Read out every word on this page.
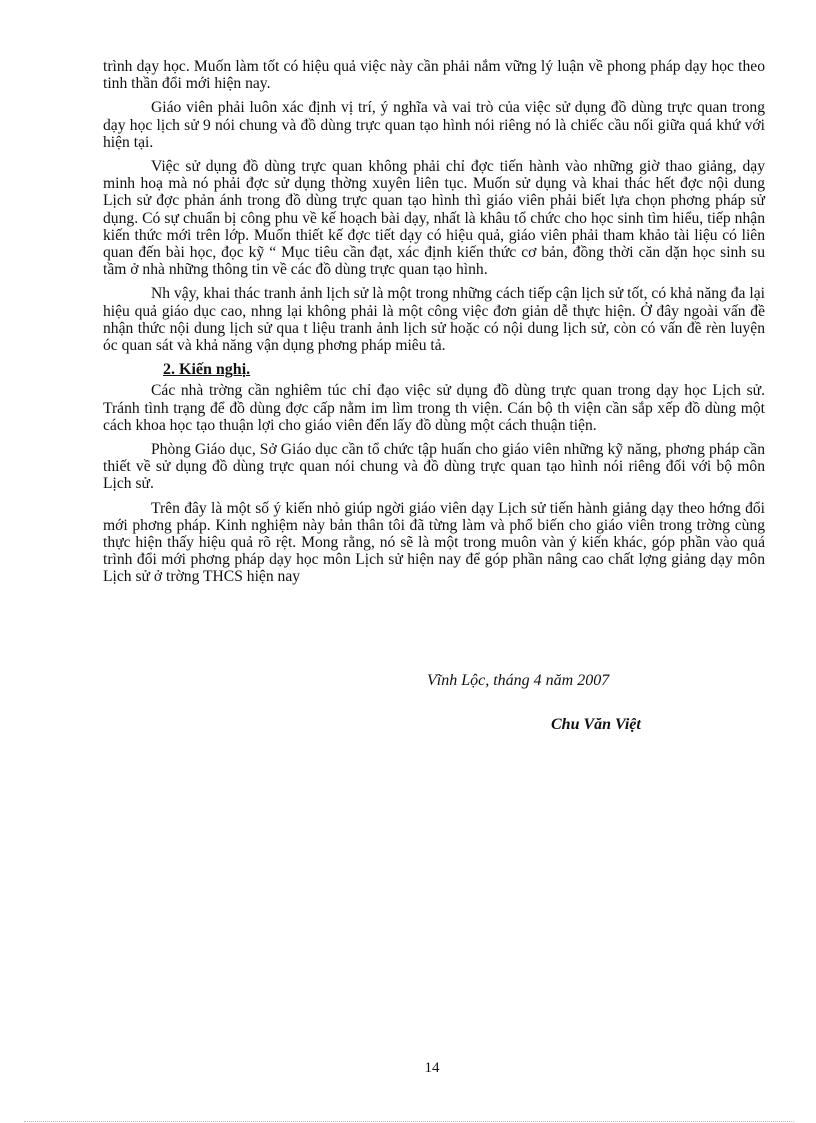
trình dạy học. Muốn làm tốt có hiệu quả việc này cần phải nắm vững lý luận về phong pháp dạy học theo tinh thần đổi mới hiện nay.

Giáo viên phải luôn xác định vị trí, ý nghĩa và vai trò của việc sử dụng đồ dùng trực quan trong dạy học lịch sử 9 nói chung và đồ dùng trực quan tạo hình nói riêng nó là chiếc cầu nối giữa quá khứ với hiện tại.

Việc sử dụng đồ dùng trực quan không phải chỉ đợc tiến hành vào những giờ thao giảng, dạy minh hoạ mà nó phải đợc sử dụng thờng xuyên liên tục. Muốn sử dụng và khai thác hết đợc nội dung Lịch sử đợc phản ánh trong đồ dùng trực quan tạo hình thì giáo viên phải biết lựa chọn phơng pháp sử dụng. Có sự chuẩn bị công phu về kế hoạch bài dạy, nhất là khâu tổ chức cho học sinh tìm hiểu, tiếp nhận kiến thức mới trên lớp. Muốn thiết kế đợc tiết dạy có hiệu quả, giáo viên phải tham khảo tài liệu có liên quan đến bài học, đọc kỹ “ Mục tiêu cần đạt, xác định kiến thức cơ bản, đồng thời căn dặn học sinh su tầm ở nhà những thông tin về các đồ dùng trực quan tạo hình.

Nh vậy, khai thác tranh ảnh lịch sử là một trong những cách tiếp cận lịch sử tốt, có khả năng đa lại hiệu quả giáo dục cao, nhng lại không phải là một công việc đơn giản dễ thực hiện. Ở đây ngoài vấn đề nhận thức nội dung lịch sử qua t liệu tranh ảnh lịch sử hoặc có nội dung lịch sử, còn có vấn đề rèn luyện óc quan sát và khả năng vận dụng phơng pháp miêu tả.

2. Kiến nghị.

Các nhà trờng cần nghiêm túc chỉ đạo việc sử dụng đồ dùng trực quan trong dạy học Lịch sử. Tránh tình trạng để đồ dùng đợc cấp nằm im lìm trong th viện. Cán bộ th viện cần sắp xếp đồ dùng một cách khoa học tạo thuận lợi cho giáo viên đến lấy đồ dùng một cách thuận tiện.

Phòng Giáo dục, Sở Giáo dục cần tổ chức tập huấn cho giáo viên những kỹ năng, phơng pháp cần thiết về sử dụng đồ dùng trực quan nói chung và đồ dùng trực quan tạo hình nói riêng đối với bộ môn Lịch sử.

Trên đây là một số ý kiến nhỏ giúp ngời giáo viên dạy Lịch sử tiến hành giảng dạy theo hớng đổi mới phơng pháp. Kinh nghiệm này bản thân tôi đã từng làm và phổ biến cho giáo viên trong trờng cùng thực hiện thấy hiệu quả rõ rệt. Mong rằng, nó sẽ là một trong muôn vàn ý kiến khác, góp phần vào quá trình đổi mới phơng pháp dạy học môn Lịch sử hiện nay để góp phần nâng cao chất lợng giảng dạy môn Lịch sử ở trờng THCS hiện nay

Vĩnh Lộc, tháng 4 năm 2007
Chu Văn Việt
14
